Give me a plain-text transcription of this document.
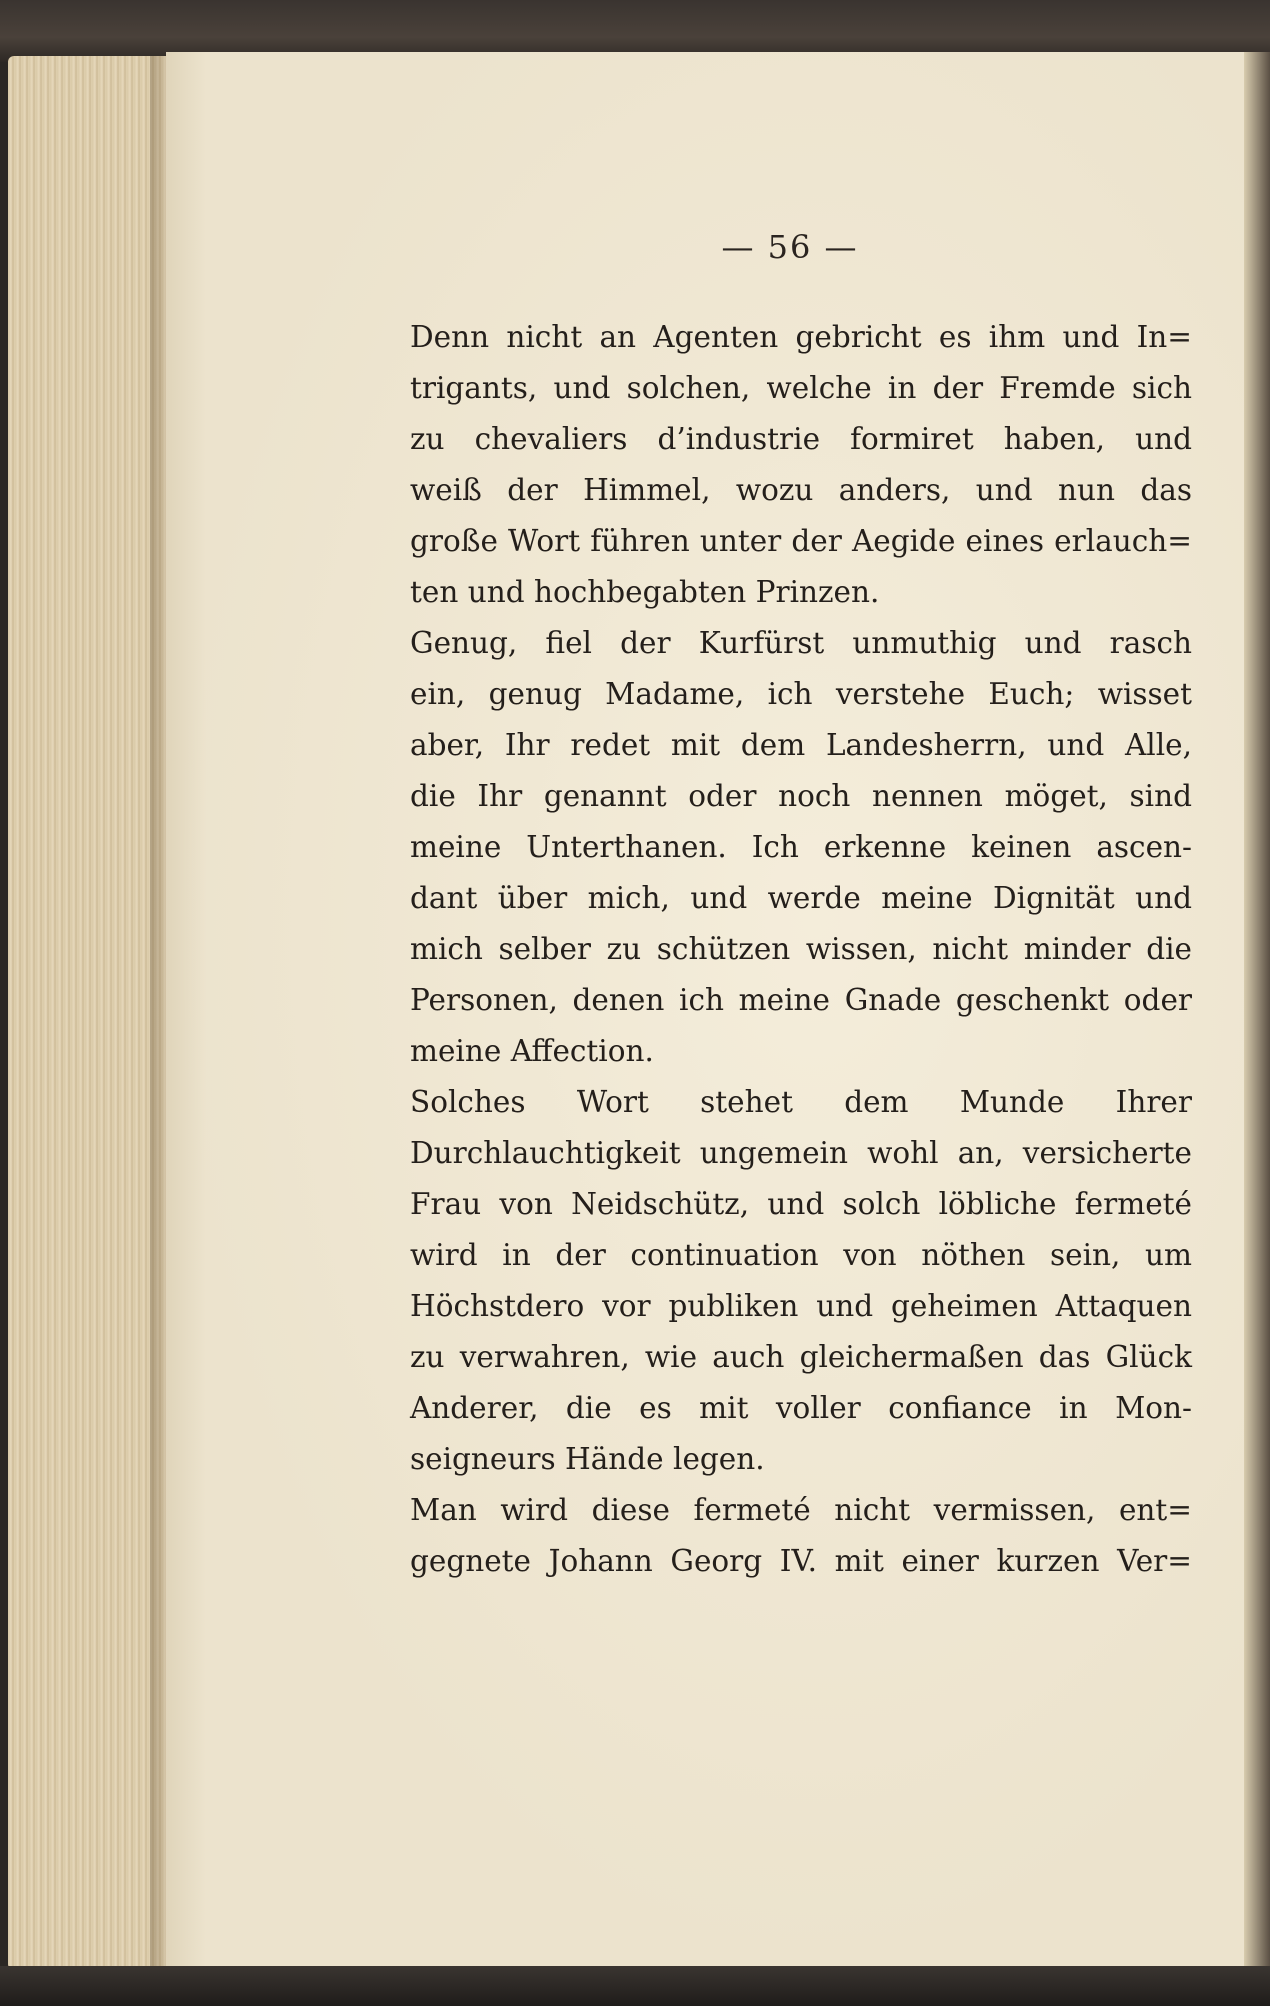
— 56 —
Denn nicht an Agenten gebricht es ihm und In=
trigants, und solchen, welche in der Fremde sich
zu chevaliers d’industrie formiret haben, und
weiß der Himmel, wozu anders, und nun das
große Wort führen unter der Aegide eines erlauch=
ten und hochbegabten Prinzen.
Genug, fiel der Kurfürst unmuthig und rasch
ein, genug Madame, ich verstehe Euch; wisset
aber, Ihr redet mit dem Landesherrn, und Alle,
die Ihr genannt oder noch nennen möget, sind
meine Unterthanen. Ich erkenne keinen ascen-
dant über mich, und werde meine Dignität und
mich selber zu schützen wissen, nicht minder die
Personen, denen ich meine Gnade geschenkt oder
meine Affection.
Solches Wort stehet dem Munde Ihrer
Durchlauchtigkeit ungemein wohl an, versicherte
Frau von Neidschütz, und solch löbliche fermeté
wird in der continuation von nöthen sein, um
Höchstdero vor publiken und geheimen Attaquen
zu verwahren, wie auch gleichermaßen das Glück
Anderer, die es mit voller confiance in Mon-
seigneurs Hände legen.
Man wird diese fermeté nicht vermissen, ent=
gegnete Johann Georg IV. mit einer kurzen Ver=
